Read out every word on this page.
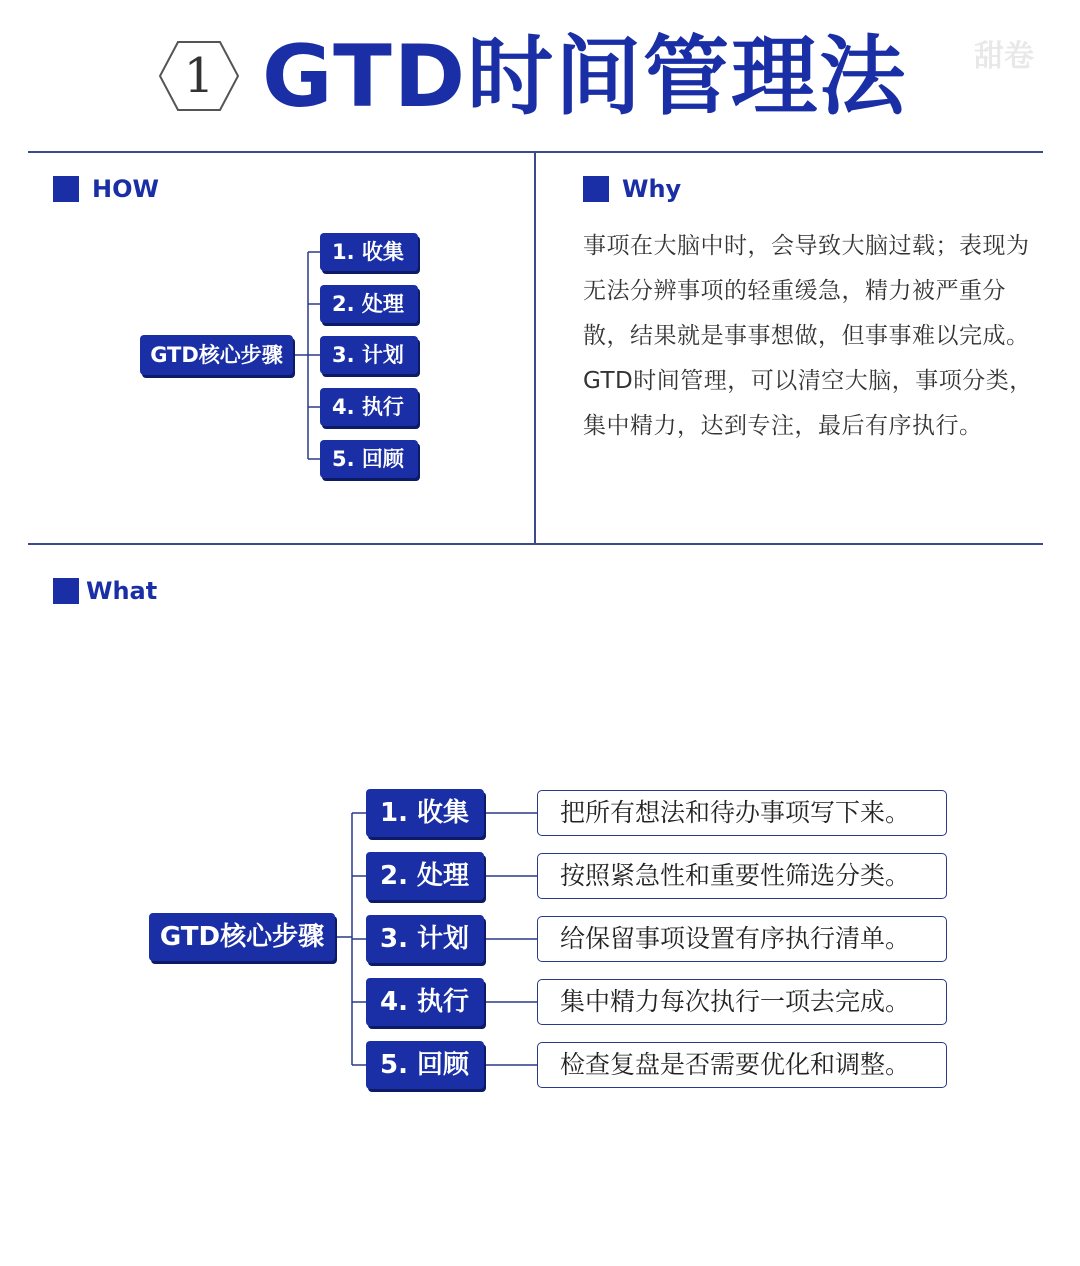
1 GTD时间管理法 甜卷
HOW
GTD核心步骤
1. 收集
2. 处理
3. 计划
4. 执行
5. 回顾
Why

事项在大脑中时，会导致大脑过载；表现为无法分辨事项的轻重缓急，精力被严重分散，结果就是事事想做，但事事难以完成。

GTD时间管理，可以清空大脑，事项分类，集中精力，达到专注，最后有序执行。

What
GTD核心步骤
1. 收集
2. 处理
3. 计划
4. 执行
5. 回顾
把所有想法和待办事项写下来。
按照紧急性和重要性筛选分类。
给保留事项设置有序执行清单。
集中精力每次执行一项去完成。
检查复盘是否需要优化和调整。
